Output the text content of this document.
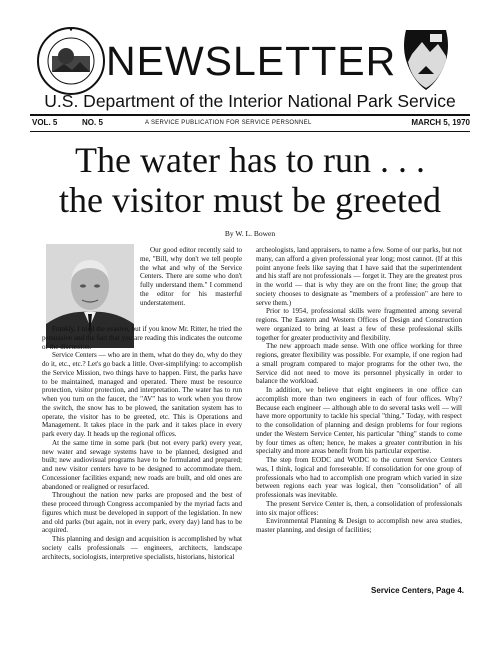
NEWSLETTER
U.S. Department of the Interior National Park Service
VOL. 5	NO. 5	A SERVICE PUBLICATION FOR SERVICE PERSONNEL	MARCH 5, 1970
The water has to run . . .
the visitor must be greeted
By W. L. Bowen

Our good editor recently said to me, "Bill, why don't we tell people the what and why of the Service Centers. There are some who don't fully understand them." I commend the editor for his masterful understatement.

Frankly, I tried the evasive, but if you know Mr. Ritter, he tried the persuasive and the fact that you are reading this indicates the outcome of the discussion.

Service Centers — who are in them, what do they do, why do they do it, etc., etc.? Let's go back a little. Over-simplifying: to accomplish the Service Mission, two things have to happen. First, the parks have to be maintained, managed and operated. There must be resource protection, visitor protection, and interpretation. The water has to run when you turn on the faucet, the "AV" has to work when you throw the switch, the snow has to be plowed, the sanitation system has to operate, the visitor has to be greeted, etc. This is Operations and Management. It takes place in the park and it takes place in every park every day. It heads up the regional offices.

At the same time in some park (but not every park) every year, new water and sewage systems have to be planned, designed and built; new audiovisual programs have to be formulated and prepared; and new visitor centers have to be designed to accommodate them. Concessioner facilities expand; new roads are built, and old ones are abandoned or realigned or resurfaced.

Throughout the nation new parks are proposed and the best of these proceed through Congress accompanied by the myriad facts and figures which must be developed in support of the legislation. In new and old parks (but again, not in every park, every day) land has to be acquired.

This planning and design and acquisition is accomplished by what society calls professionals — engineers, architects, landscape architects, sociologists, interpretive specialists, historians, historical

archeologists, land appraisers, to name a few. Some of our parks, but not many, can afford a given professional year long; most cannot. (If at this point anyone feels like saying that I have said that the superintendent and his staff are not professionals — forget it. They are the greatest pros in the world — that is why they are on the front line; the group that society chooses to designate as "members of a profession" are here to serve them.)

Prior to 1954, professional skills were fragmented among several regions. The Eastern and Western Offices of Design and Construction were organized to bring at least a few of these professional skills together for greater productivity and flexibility.

The new approach made sense. With one office working for three regions, greater flexibility was possible. For example, if one region had a small program compared to major programs for the other two, the Service did not need to move its personnel physically in order to balance the workload.

In addition, we believe that eight engineers in one office can accomplish more than two engineers in each of four offices. Why? Because each engineer — although able to do several tasks well — will have more opportunity to tackle his special "thing." Today, with respect to the consolidation of planning and design problems for four regions under the Western Service Center, his particular "thing" stands to come by four times as often; hence, he makes a greater contribution in his specialty and more areas benefit from his particular expertise.

The step from EODC and WODC to the current Service Centers was, I think, logical and foreseeable. If consolidation for one group of professionals who had to accomplish one program which varied in size between regions each year was logical, then "consolidation" of all professionals was inevitable.

The present Service Center is, then, a consolidation of professionals into six major offices:

Environmental Planning & Design to accomplish new area studies, master planning, and design of facilities;

Service Centers, Page 4.
